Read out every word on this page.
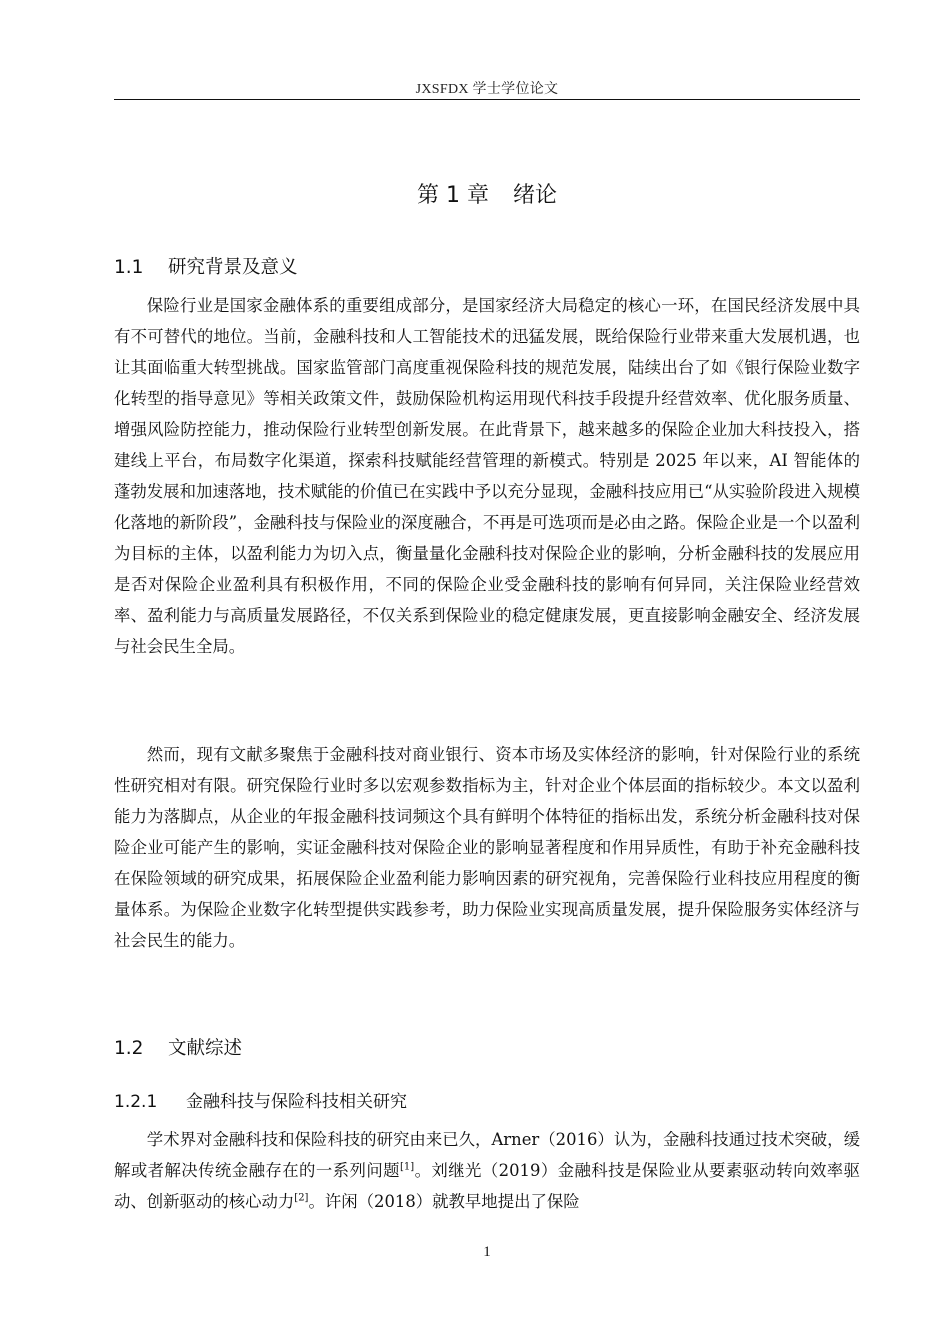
JXSFDX 学士学位论文
第 1 章 绪论
1.1 研究背景及意义

保险行业是国家金融体系的重要组成部分，是国家经济大局稳定的核心一环，在国民经济发展中具有不可替代的地位。当前，金融科技和人工智能技术的迅猛发展，既给保险行业带来重大发展机遇，也让其面临重大转型挑战。国家监管部门高度重视保险科技的规范发展，陆续出台了如《银行保险业数字化转型的指导意见》等相关政策文件，鼓励保险机构运用现代科技手段提升经营效率、优化服务质量、增强风险防控能力，推动保险行业转型创新发展。在此背景下，越来越多的保险企业加大科技投入，搭建线上平台，布局数字化渠道，探索科技赋能经营管理的新模式。特别是 2025 年以来，AI 智能体的蓬勃发展和加速落地，技术赋能的价值已在实践中予以充分显现，金融科技应用已“从实验阶段进入规模化落地的新阶段”，金融科技与保险业的深度融合，不再是可选项而是必由之路。保险企业是一个以盈利为目标的主体，以盈利能力为切入点，衡量量化金融科技对保险企业的影响，分析金融科技的发展应用是否对保险企业盈利具有积极作用，不同的保险企业受金融科技的影响有何异同，关注保险业经营效率、盈利能力与高质量发展路径，不仅关系到保险业的稳定健康发展，更直接影响金融安全、经济发展与社会民生全局。

然而，现有文献多聚焦于金融科技对商业银行、资本市场及实体经济的影响，针对保险行业的系统性研究相对有限。研究保险行业时多以宏观参数指标为主，针对企业个体层面的指标较少。本文以盈利能力为落脚点，从企业的年报金融科技词频这个具有鲜明个体特征的指标出发，系统分析金融科技对保险企业可能产生的影响，实证金融科技对保险企业的影响显著程度和作用异质性，有助于补充金融科技在保险领域的研究成果，拓展保险企业盈利能力影响因素的研究视角，完善保险行业科技应用程度的衡量体系。为保险企业数字化转型提供实践参考，助力保险业实现高质量发展，提升保险服务实体经济与社会民生的能力。

1.2 文献综述
1.2.1 金融科技与保险科技相关研究

学术界对金融科技和保险科技的研究由来已久，Arner（2016）认为，金融科技通过技术突破，缓解或者解决传统金融存在的一系列问题[1]。刘继光（2019）金融科技是保险业从要素驱动转向效率驱动、创新驱动的核心动力[2]。许闲（2018）就教早地提出了保险

1
